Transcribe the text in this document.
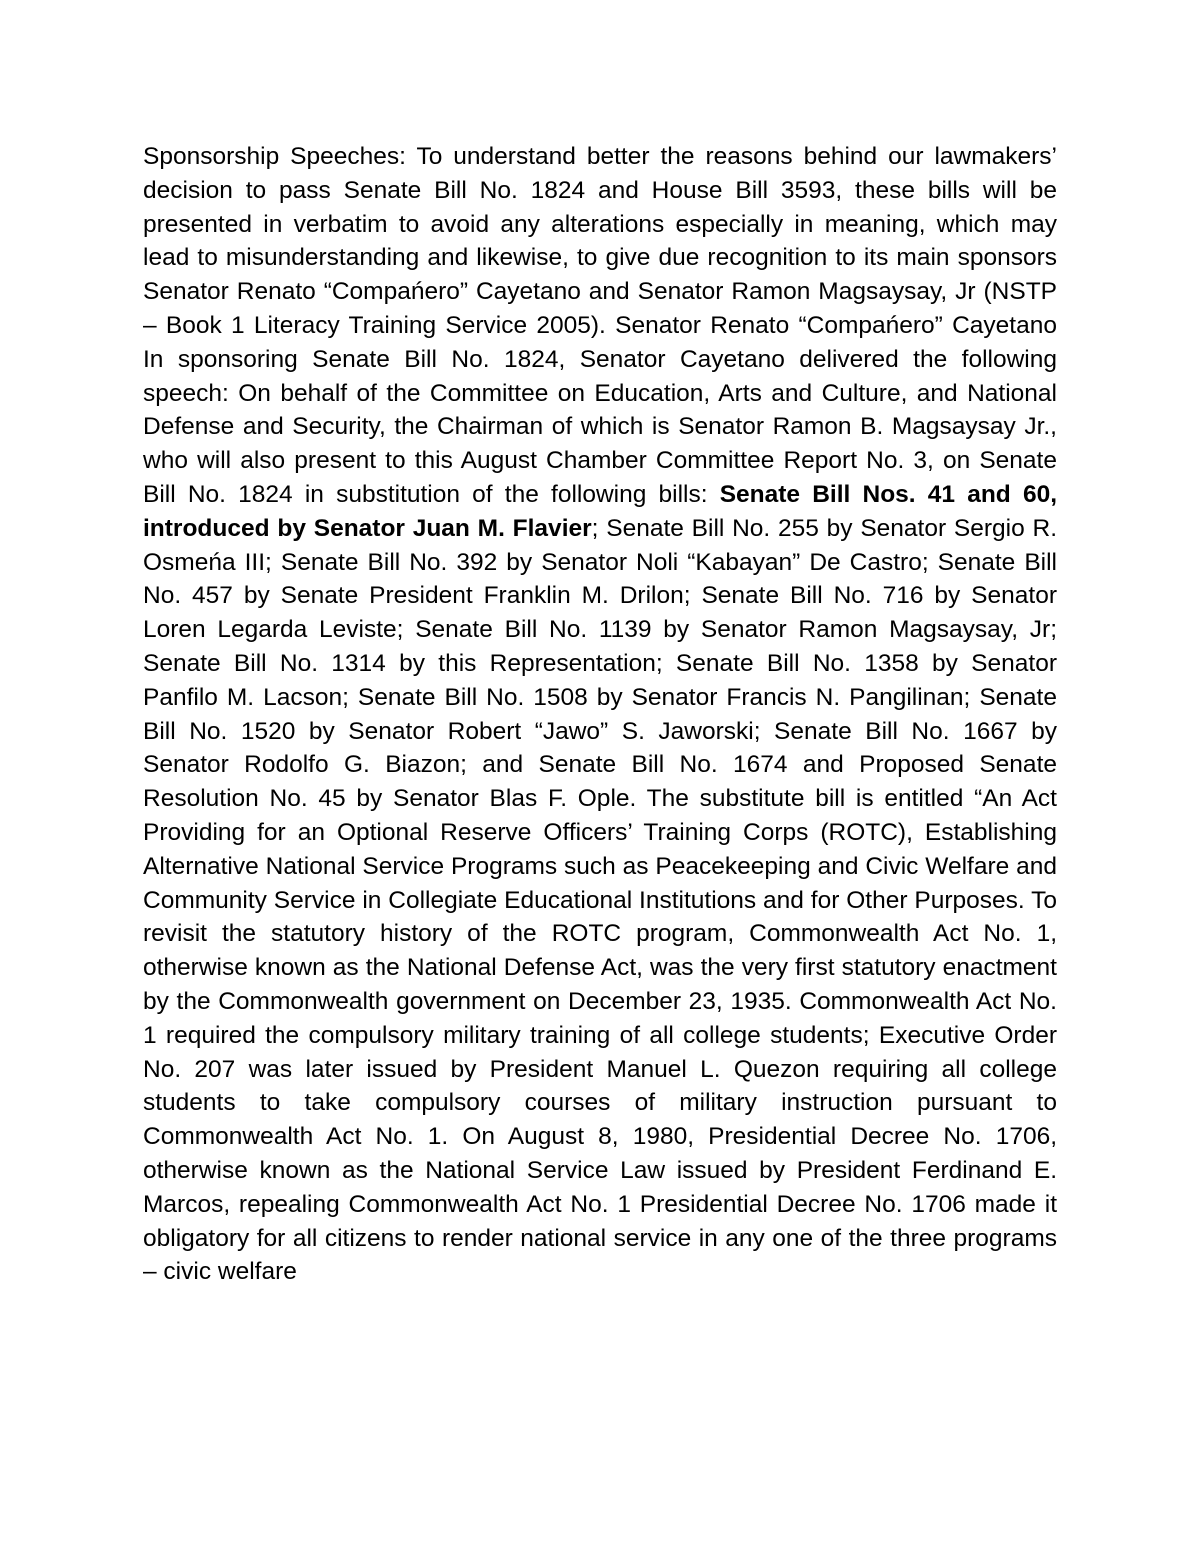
Sponsorship Speeches: To understand better the reasons behind our lawmakers’ decision to pass Senate Bill No. 1824 and House Bill 3593, these bills will be presented in verbatim to avoid any alterations especially in meaning, which may lead to misunderstanding and likewise, to give due recognition to its main sponsors Senator Renato “Compańero” Cayetano and Senator Ramon Magsaysay, Jr (NSTP – Book 1 Literacy Training Service 2005). Senator Renato “Compańero” Cayetano In sponsoring Senate Bill No. 1824, Senator Cayetano delivered the following speech: On behalf of the Committee on Education, Arts and Culture, and National Defense and Security, the Chairman of which is Senator Ramon B. Magsaysay Jr., who will also present to this August Chamber Committee Report No. 3, on Senate Bill No. 1824 in substitution of the following bills: Senate Bill Nos. 41 and 60, introduced by Senator Juan M. Flavier; Senate Bill No. 255 by Senator Sergio R. Osmeńa III; Senate Bill No. 392 by Senator Noli “Kabayan” De Castro; Senate Bill No. 457 by Senate President Franklin M. Drilon; Senate Bill No. 716 by Senator Loren Legarda Leviste; Senate Bill No. 1139 by Senator Ramon Magsaysay, Jr; Senate Bill No. 1314 by this Representation; Senate Bill No. 1358 by Senator Panfilo M. Lacson; Senate Bill No. 1508 by Senator Francis N. Pangilinan; Senate Bill No. 1520 by Senator Robert “Jawo” S. Jaworski; Senate Bill No. 1667 by Senator Rodolfo G. Biazon; and Senate Bill No. 1674 and Proposed Senate Resolution No. 45 by Senator Blas F. Ople. The substitute bill is entitled “An Act Providing for an Optional Reserve Officers’ Training Corps (ROTC), Establishing Alternative National Service Programs such as Peacekeeping and Civic Welfare and Community Service in Collegiate Educational Institutions and for Other Purposes. To revisit the statutory history of the ROTC program, Commonwealth Act No. 1, otherwise known as the National Defense Act, was the very first statutory enactment by the Commonwealth government on December 23, 1935. Commonwealth Act No. 1 required the compulsory military training of all college students; Executive Order No. 207 was later issued by President Manuel L. Quezon requiring all college students to take compulsory courses of military instruction pursuant to Commonwealth Act No. 1. On August 8, 1980, Presidential Decree No. 1706, otherwise known as the National Service Law issued by President Ferdinand E. Marcos, repealing Commonwealth Act No. 1 Presidential Decree No. 1706 made it obligatory for all citizens to render national service in any one of the three programs – civic welfare
